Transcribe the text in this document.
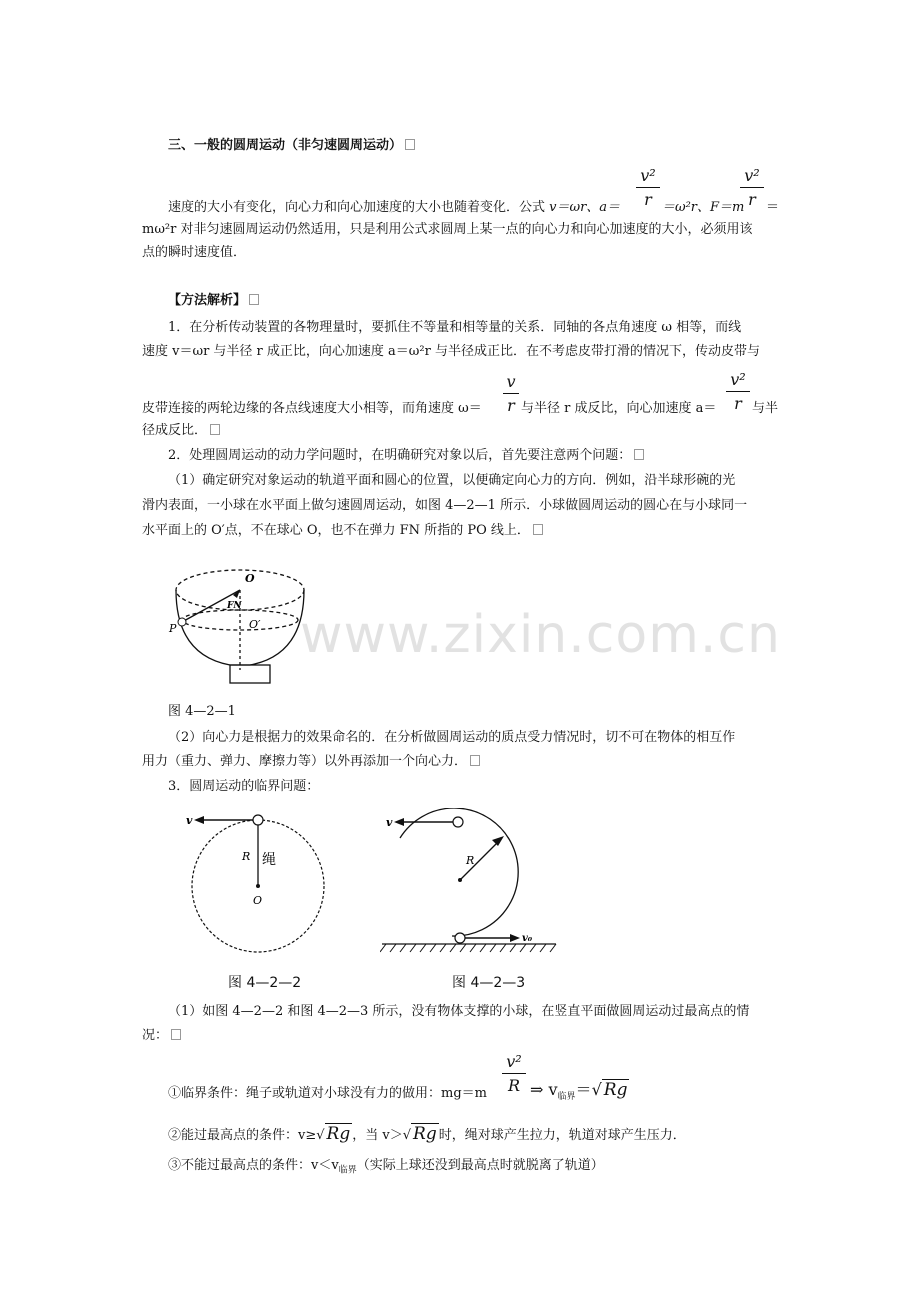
三、一般的圆周运动（非匀速圆周运动）
v²
r
v²
r
速度的大小有变化，向心力和向心加速度的大小也随着变化．公式 v＝ωr、a＝	＝ω²r、F＝m ＝
mω²r 对非匀速圆周运动仍然适用，只是利用公式求圆周上某一点的向心力和向心加速度的大小，必须用该
点的瞬时速度值．
【方法解析】
1．在分析传动装置的各物理量时，要抓住不等量和相等量的关系．同轴的各点角速度 ω 相等，而线
速度 v＝ωr 与半径 r 成正比，向心加速度 a＝ω²r 与半径成正比．在不考虑皮带打滑的情况下，传动皮带与
v
r
v²
r
皮带连接的两轮边缘的各点线速度大小相等，而角速度 ω＝	与半径 r 成反比，向心加速度 a＝	与半
径成反比．
2．处理圆周运动的动力学问题时，在明确研究对象以后，首先要注意两个问题：
（1）确定研究对象运动的轨道平面和圆心的位置，以便确定向心力的方向．例如，沿半球形碗的光
滑内表面，一小球在水平面上做匀速圆周运动，如图 4—2—1 所示．小球做圆周运动的圆心在与小球同一
水平面上的 O′点，不在球心 O，也不在弹力 FN 所指的 PO 线上．
O
O′
P
FN www.zixin.com.cn
图 4—2—1
（2）向心力是根据力的效果命名的．在分析做圆周运动的质点受力情况时，切不可在物体的相互作
用力（重力、弹力、摩擦力等）以外再添加一个向心力．
3．圆周运动的临界问题：
v
R 绳
O
v
R
v₀
图 4—2—2	图 4—2—3
（1）如图 4—2—2 和图 4—2—3 所示，没有物体支撑的小球，在竖直平面做圆周运动过最高点的情
况：
v²
R
①临界条件：绳子或轨道对小球没有力的做用：mg＝m	⇒ $v_{临界}=√$ Rg
②能过最高点的条件：v≥√ Rg ，当 v＞√ Rg 时，绳对球产生拉力，轨道对球产生压力．
③不能过最高点的条件：$v<v_{临界}$（实际上球还没到最高点时就脱离了轨道）
